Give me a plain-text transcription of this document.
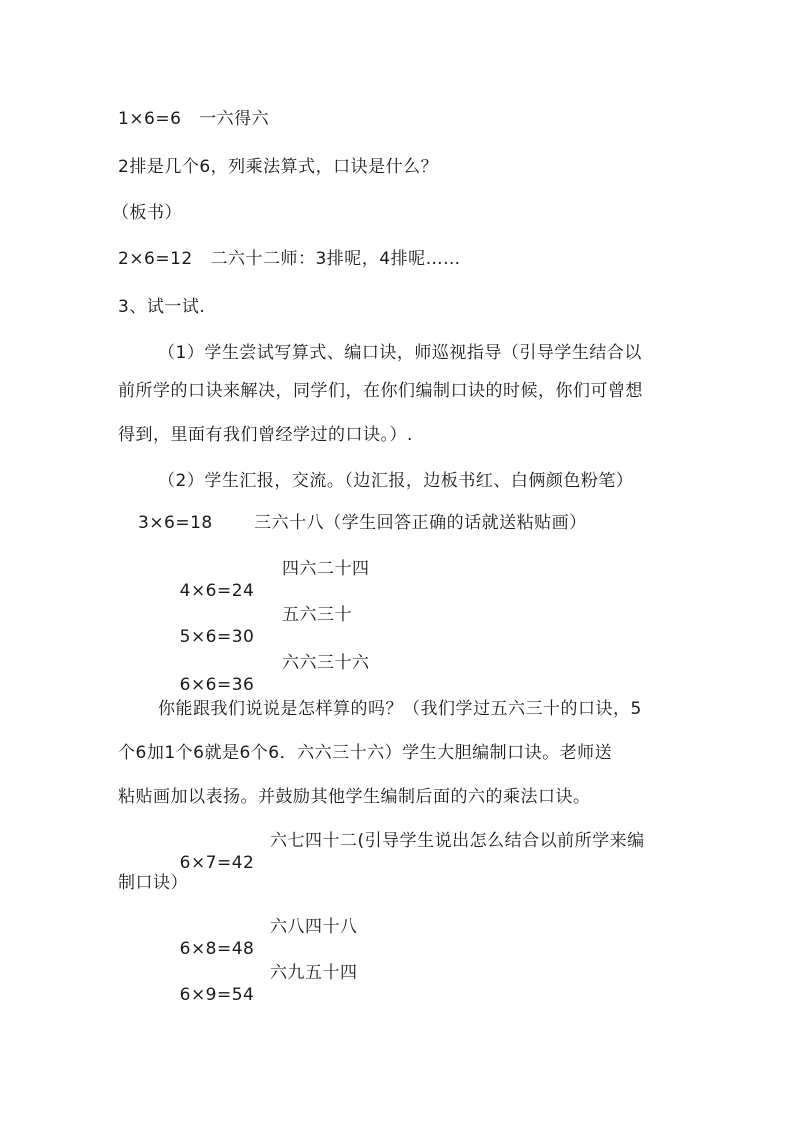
1×6=6   一六得六
2排是几个6，列乘法算式，口诀是什么？
（板书）
2×6=12   二六十二师：3排呢，4排呢……
3、试一试.
（1）学生尝试写算式、编口诀，师巡视指导（引导学生结合以
前所学的口诀来解决，同学们，在你们编制口诀的时候，你们可曾想
得到，里面有我们曾经学过的口诀。）.
（2）学生汇报，交流。（边汇报，边板书红、白俩颜色粉笔）
3×6=18       三六十八（学生回答正确的话就送粘贴画）

4×6=24

四六二十四

5×6=30

五六三十

6×6=36

六六三十六

你能跟我们说说是怎样算的吗？（我们学过五六三十的口诀，5
个6加1个6就是6个6．六六三十六）学生大胆编制口诀。老师送
粘贴画加以表扬。并鼓励其他学生编制后面的六的乘法口诀。

6×7=42

六七四十二(引导学生说出怎么结合以前所学来编

制口诀）

6×8=48

六八四十八

6×9=54

六九五十四
